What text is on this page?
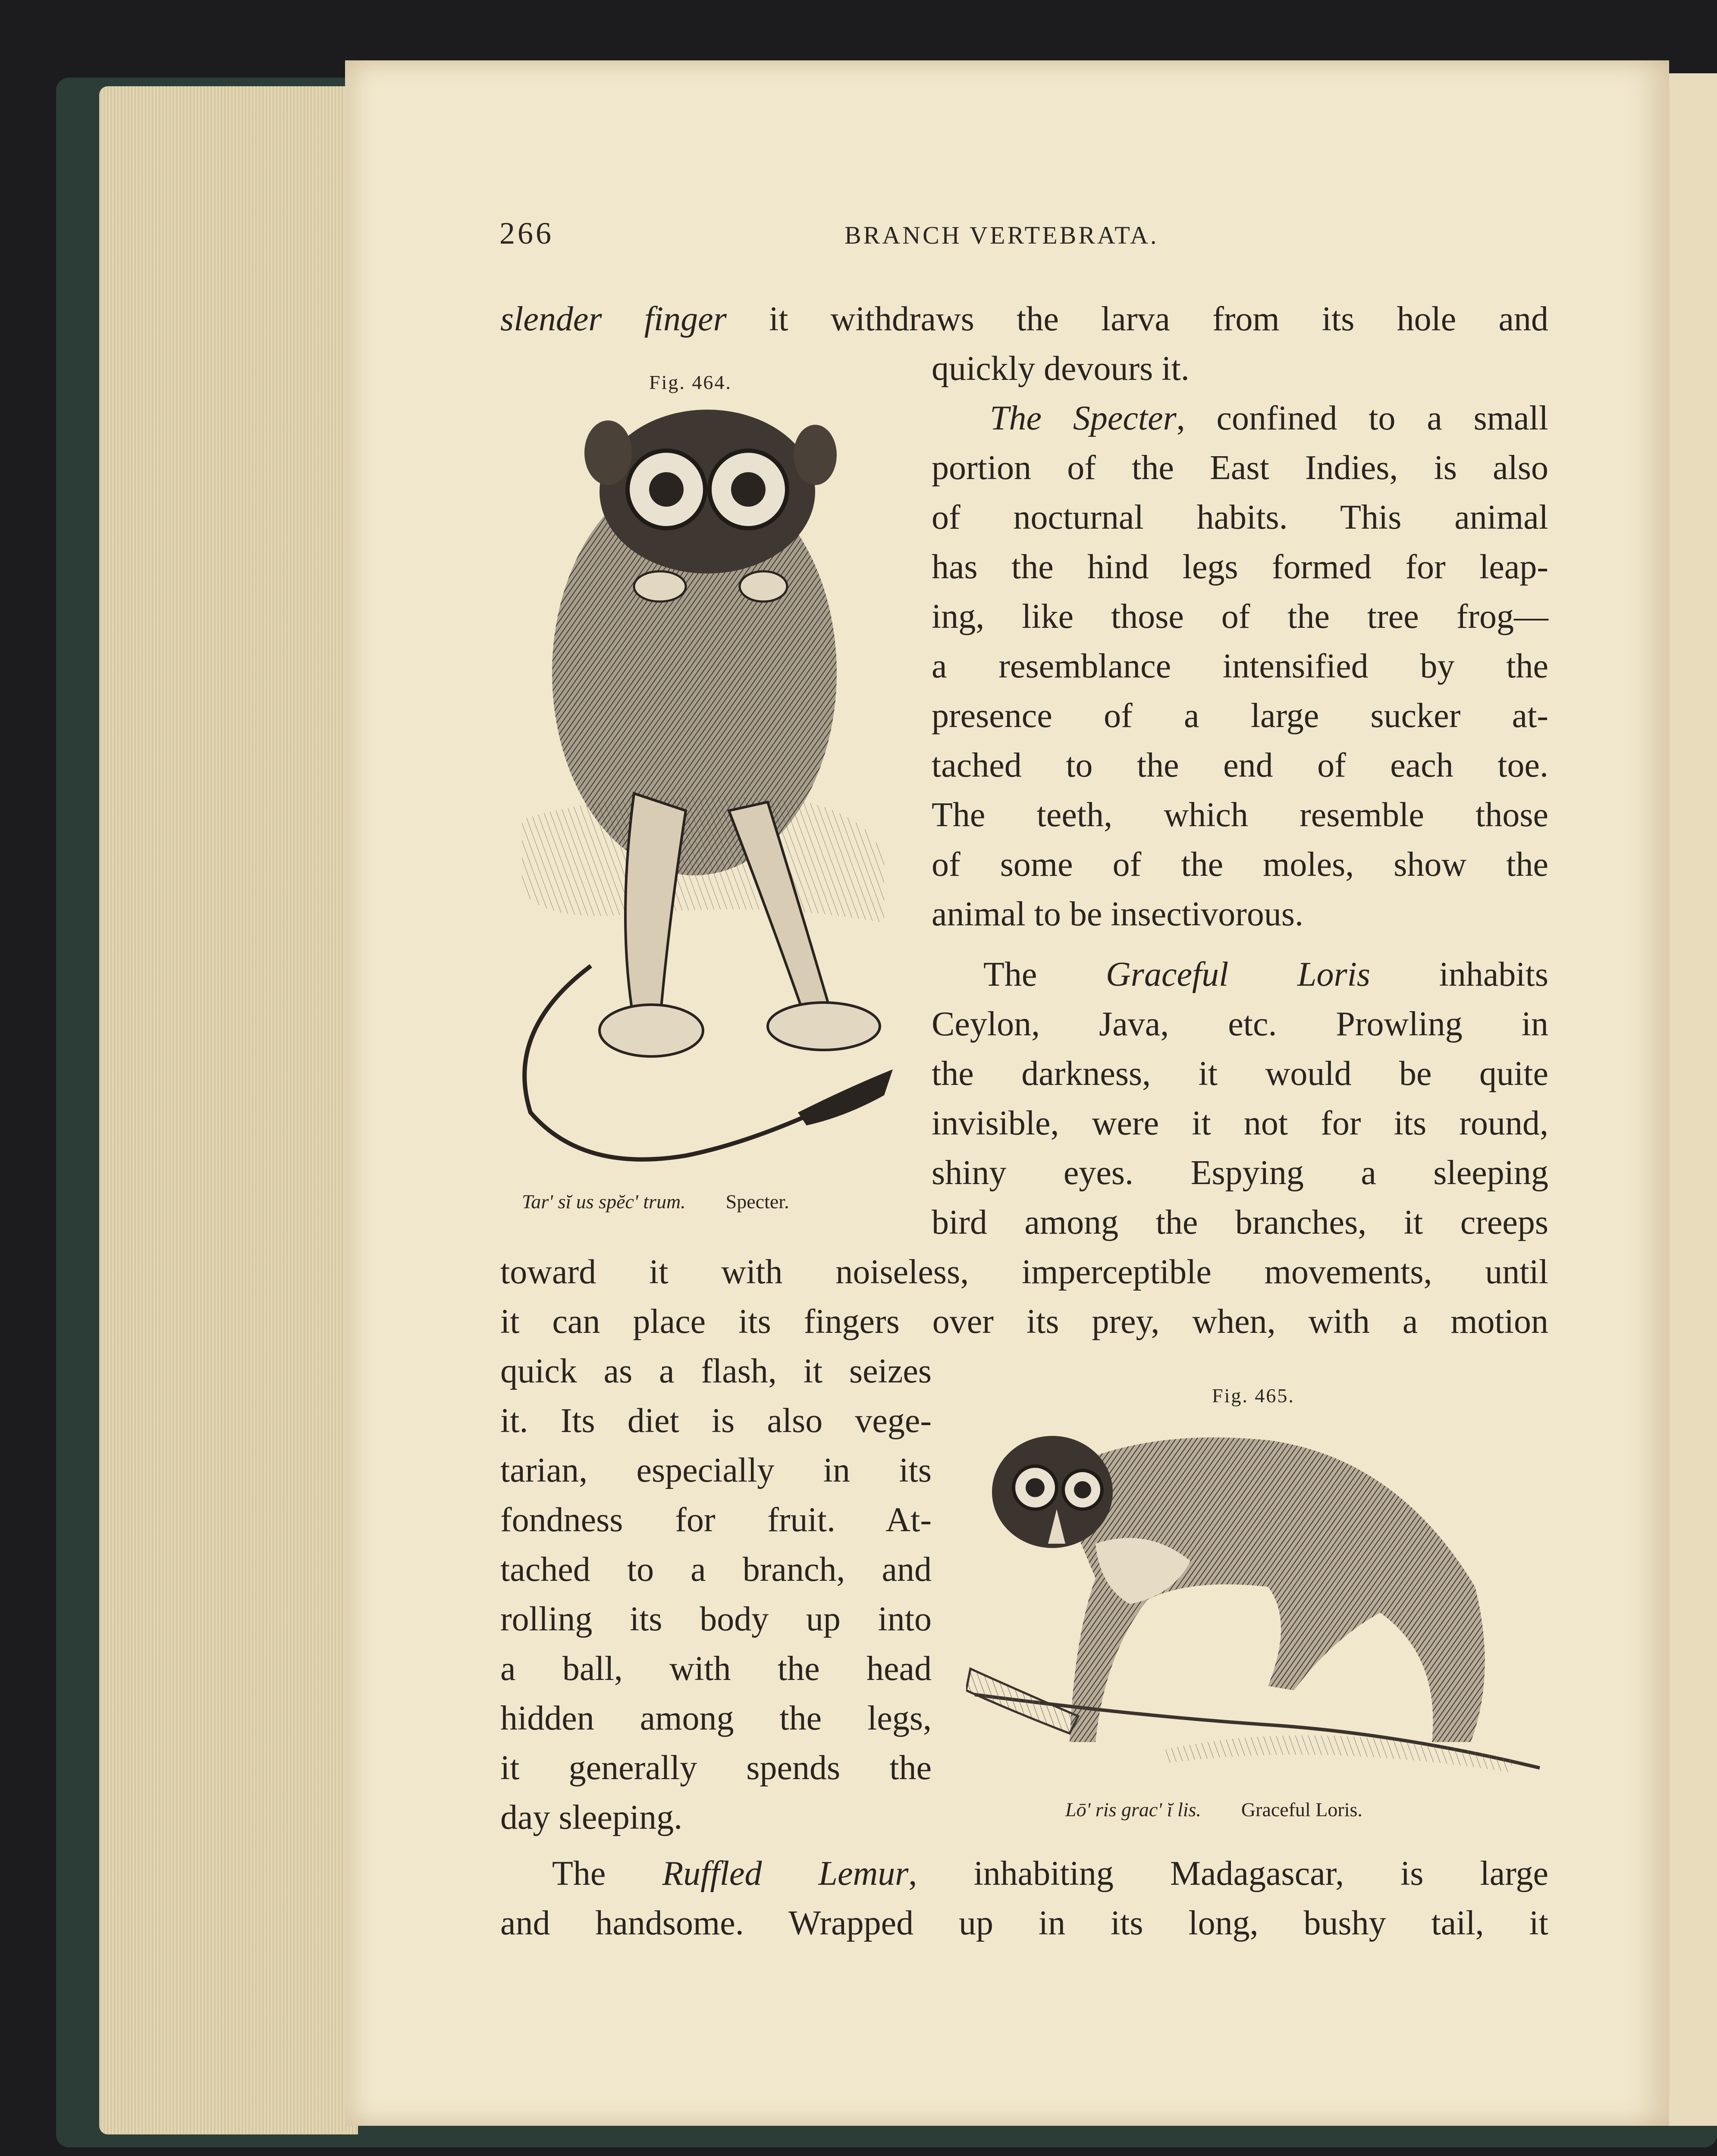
266	BRANCH VERTEBRATA.
slender finger it withdraws the larva from its hole and
quickly devours it.
The Specter, confined to a small
portion of the East Indies, is also
of nocturnal habits. This animal
has the hind legs formed for leap-
ing, like those of the tree frog—
a resemblance intensified by the
presence of a large sucker at-
tached to the end of each toe.
The teeth, which resemble those
of some of the moles, show the
animal to be insectivorous.
The Graceful Loris inhabits
Ceylon, Java, etc. Prowling in
the darkness, it would be quite
invisible, were it not for its round,
shiny eyes. Espying a sleeping
bird among the branches, it creeps
toward it with noiseless, imperceptible movements, until
it can place its fingers over its prey, when, with a motion
quick as a flash, it seizes
it. Its diet is also vege-
tarian, especially in its
fondness for fruit. At-
tached to a branch, and
rolling its body up into
a ball, with the head
hidden among the legs,
it generally spends the
day sleeping.
The Ruffled Lemur, inhabiting Madagascar, is large
and handsome. Wrapped up in its long, bushy tail, it
Fig. 464.
Tar' sĭ us spĕc' trum. Specter.
Fig. 465.
Lō' ris grac' ĭ lis. Graceful Loris.
